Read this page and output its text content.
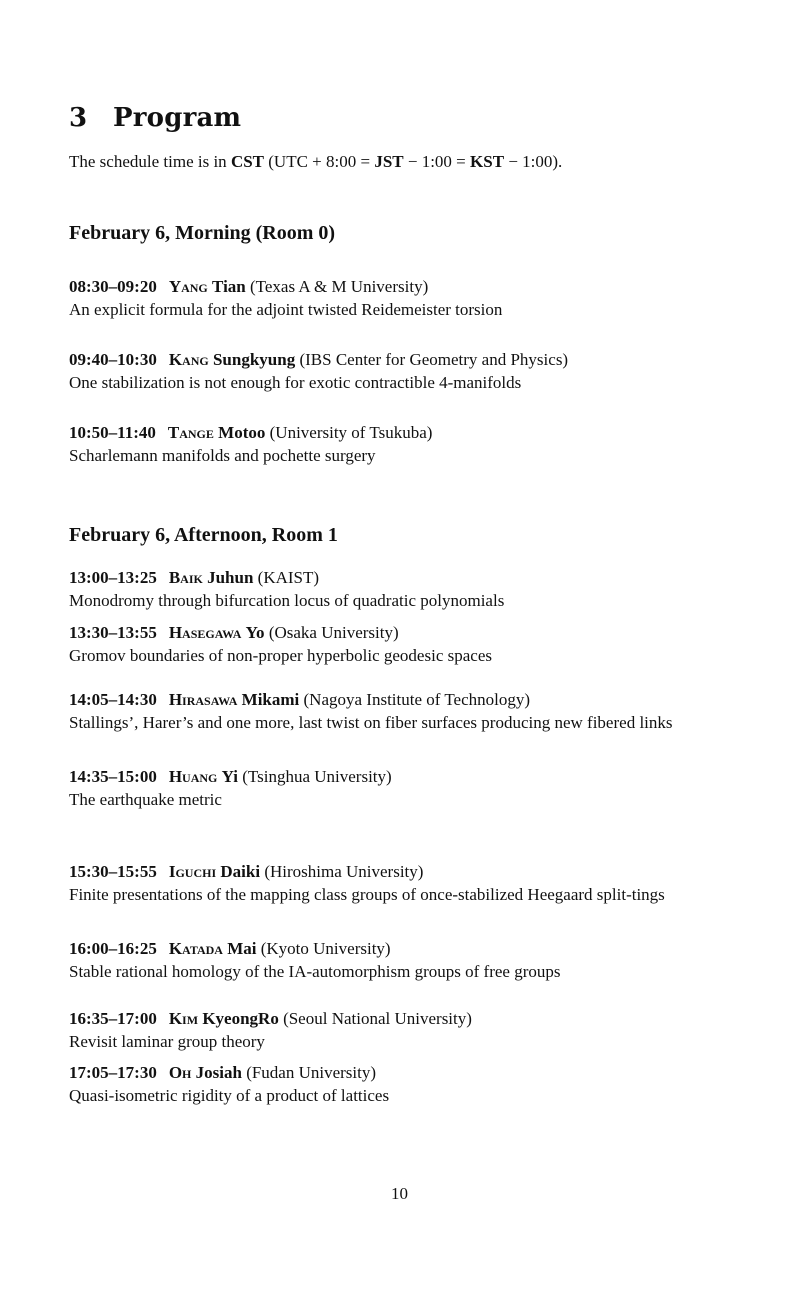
3 Program
The schedule time is in CST (UTC + 8:00 = JST − 1:00 = KST − 1:00).
February 6, Morning (Room 0)
08:30–09:20 Yang Tian (Texas A & M University)
An explicit formula for the adjoint twisted Reidemeister torsion
09:40–10:30 Kang Sungkyung (IBS Center for Geometry and Physics)
One stabilization is not enough for exotic contractible 4-manifolds
10:50–11:40 Tange Motoo (University of Tsukuba)
Scharlemann manifolds and pochette surgery
February 6, Afternoon, Room 1
13:00–13:25 Baik Juhun (KAIST)
Monodromy through bifurcation locus of quadratic polynomials
13:30–13:55 Hasegawa Yo (Osaka University)
Gromov boundaries of non-proper hyperbolic geodesic spaces
14:05–14:30 Hirasawa Mikami (Nagoya Institute of Technology)
Stallings’, Harer’s and one more, last twist on fiber surfaces producing new fibered links
14:35–15:00 Huang Yi (Tsinghua University)
The earthquake metric
15:30–15:55 Iguchi Daiki (Hiroshima University)
Finite presentations of the mapping class groups of once-stabilized Heegaard split-tings
16:00–16:25 Katada Mai (Kyoto University)
Stable rational homology of the IA-automorphism groups of free groups
16:35–17:00 Kim KyeongRo (Seoul National University)
Revisit laminar group theory
17:05–17:30 Oh Josiah (Fudan University)
Quasi-isometric rigidity of a product of lattices
10
